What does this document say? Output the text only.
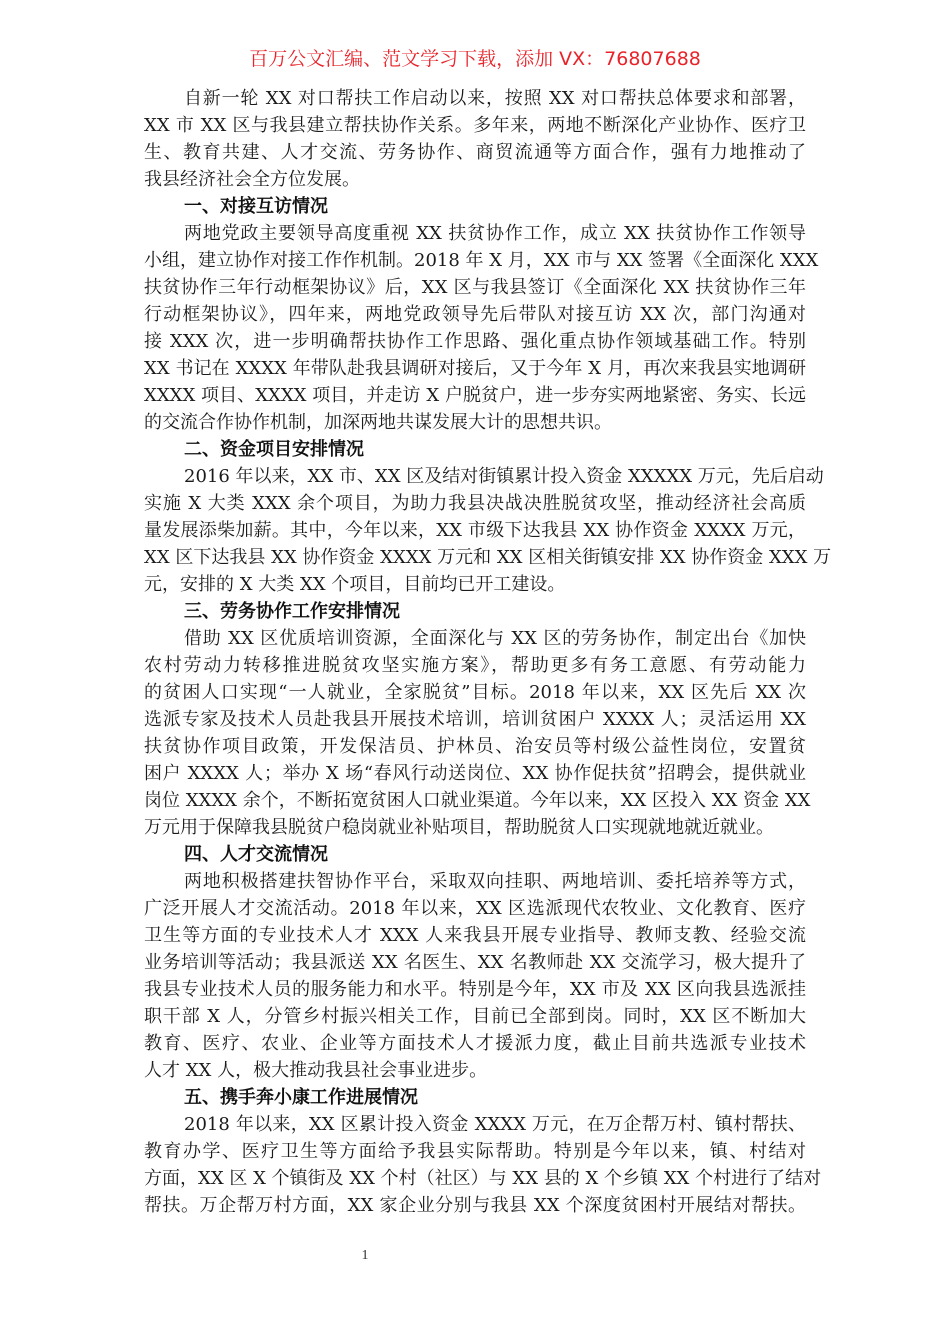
百万公文汇编、范文学习下载，添加 VX：76807688
自新一轮 XX 对口帮扶工作启动以来，按照 XX 对口帮扶总体要求和部署，
XX 市 XX 区与我县建立帮扶协作关系。多年来，两地不断深化产业协作、医疗卫
生、教育共建、人才交流、劳务协作、商贸流通等方面合作，强有力地推动了
我县经济社会全方位发展。
一、对接互访情况
两地党政主要领导高度重视 XX 扶贫协作工作，成立 XX 扶贫协作工作领导
小组，建立协作对接工作作机制。2018 年 X 月，XX 市与 XX 签署《全面深化 XXX
扶贫协作三年行动框架协议》后，XX 区与我县签订《全面深化 XX 扶贫协作三年
行动框架协议》，四年来，两地党政领导先后带队对接互访 XX 次，部门沟通对
接 XXX 次，进一步明确帮扶协作工作思路、强化重点协作领域基础工作。特别
XX 书记在 XXXX 年带队赴我县调研对接后，又于今年 X 月，再次来我县实地调研
XXXX 项目、XXXX 项目，并走访 X 户脱贫户，进一步夯实两地紧密、务实、长远
的交流合作协作机制，加深两地共谋发展大计的思想共识。
二、资金项目安排情况
2016 年以来，XX 市、XX 区及结对街镇累计投入资金 XXXXX 万元，先后启动
实施 X 大类 XXX 余个项目，为助力我县决战决胜脱贫攻坚，推动经济社会高质
量发展添柴加薪。其中，今年以来，XX 市级下达我县 XX 协作资金 XXXX 万元，
XX 区下达我县 XX 协作资金 XXXX 万元和 XX 区相关街镇安排 XX 协作资金 XXX 万
元，安排的 X 大类 XX 个项目，目前均已开工建设。
三、劳务协作工作安排情况
借助 XX 区优质培训资源，全面深化与 XX 区的劳务协作，制定出台《加快
农村劳动力转移推进脱贫攻坚实施方案》，帮助更多有务工意愿、有劳动能力
的贫困人口实现“一人就业，全家脱贫”目标。2018 年以来，XX 区先后 XX 次
选派专家及技术人员赴我县开展技术培训，培训贫困户 XXXX 人；灵活运用 XX
扶贫协作项目政策，开发保洁员、护林员、治安员等村级公益性岗位，安置贫
困户 XXXX 人；举办 X 场“春风行动送岗位、XX 协作促扶贫”招聘会，提供就业
岗位 XXXX 余个，不断拓宽贫困人口就业渠道。今年以来，XX 区投入 XX 资金 XX
万元用于保障我县脱贫户稳岗就业补贴项目，帮助脱贫人口实现就地就近就业。
四、人才交流情况
两地积极搭建扶智协作平台，采取双向挂职、两地培训、委托培养等方式，
广泛开展人才交流活动。2018 年以来，XX 区选派现代农牧业、文化教育、医疗
卫生等方面的专业技术人才 XXX 人来我县开展专业指导、教师支教、经验交流
业务培训等活动；我县派送 XX 名医生、XX 名教师赴 XX 交流学习，极大提升了
我县专业技术人员的服务能力和水平。特别是今年，XX 市及 XX 区向我县选派挂
职干部 X 人，分管乡村振兴相关工作，目前已全部到岗。同时，XX 区不断加大
教育、医疗、农业、企业等方面技术人才援派力度，截止目前共选派专业技术
人才 XX 人，极大推动我县社会事业进步。
五、携手奔小康工作进展情况
2018 年以来，XX 区累计投入资金 XXXX 万元，在万企帮万村、镇村帮扶、
教育办学、医疗卫生等方面给予我县实际帮助。特别是今年以来，镇、村结对
方面，XX 区 X 个镇街及 XX 个村（社区）与 XX 县的 X 个乡镇 XX 个村进行了结对
帮扶。万企帮万村方面，XX 家企业分别与我县 XX 个深度贫困村开展结对帮扶。
1
